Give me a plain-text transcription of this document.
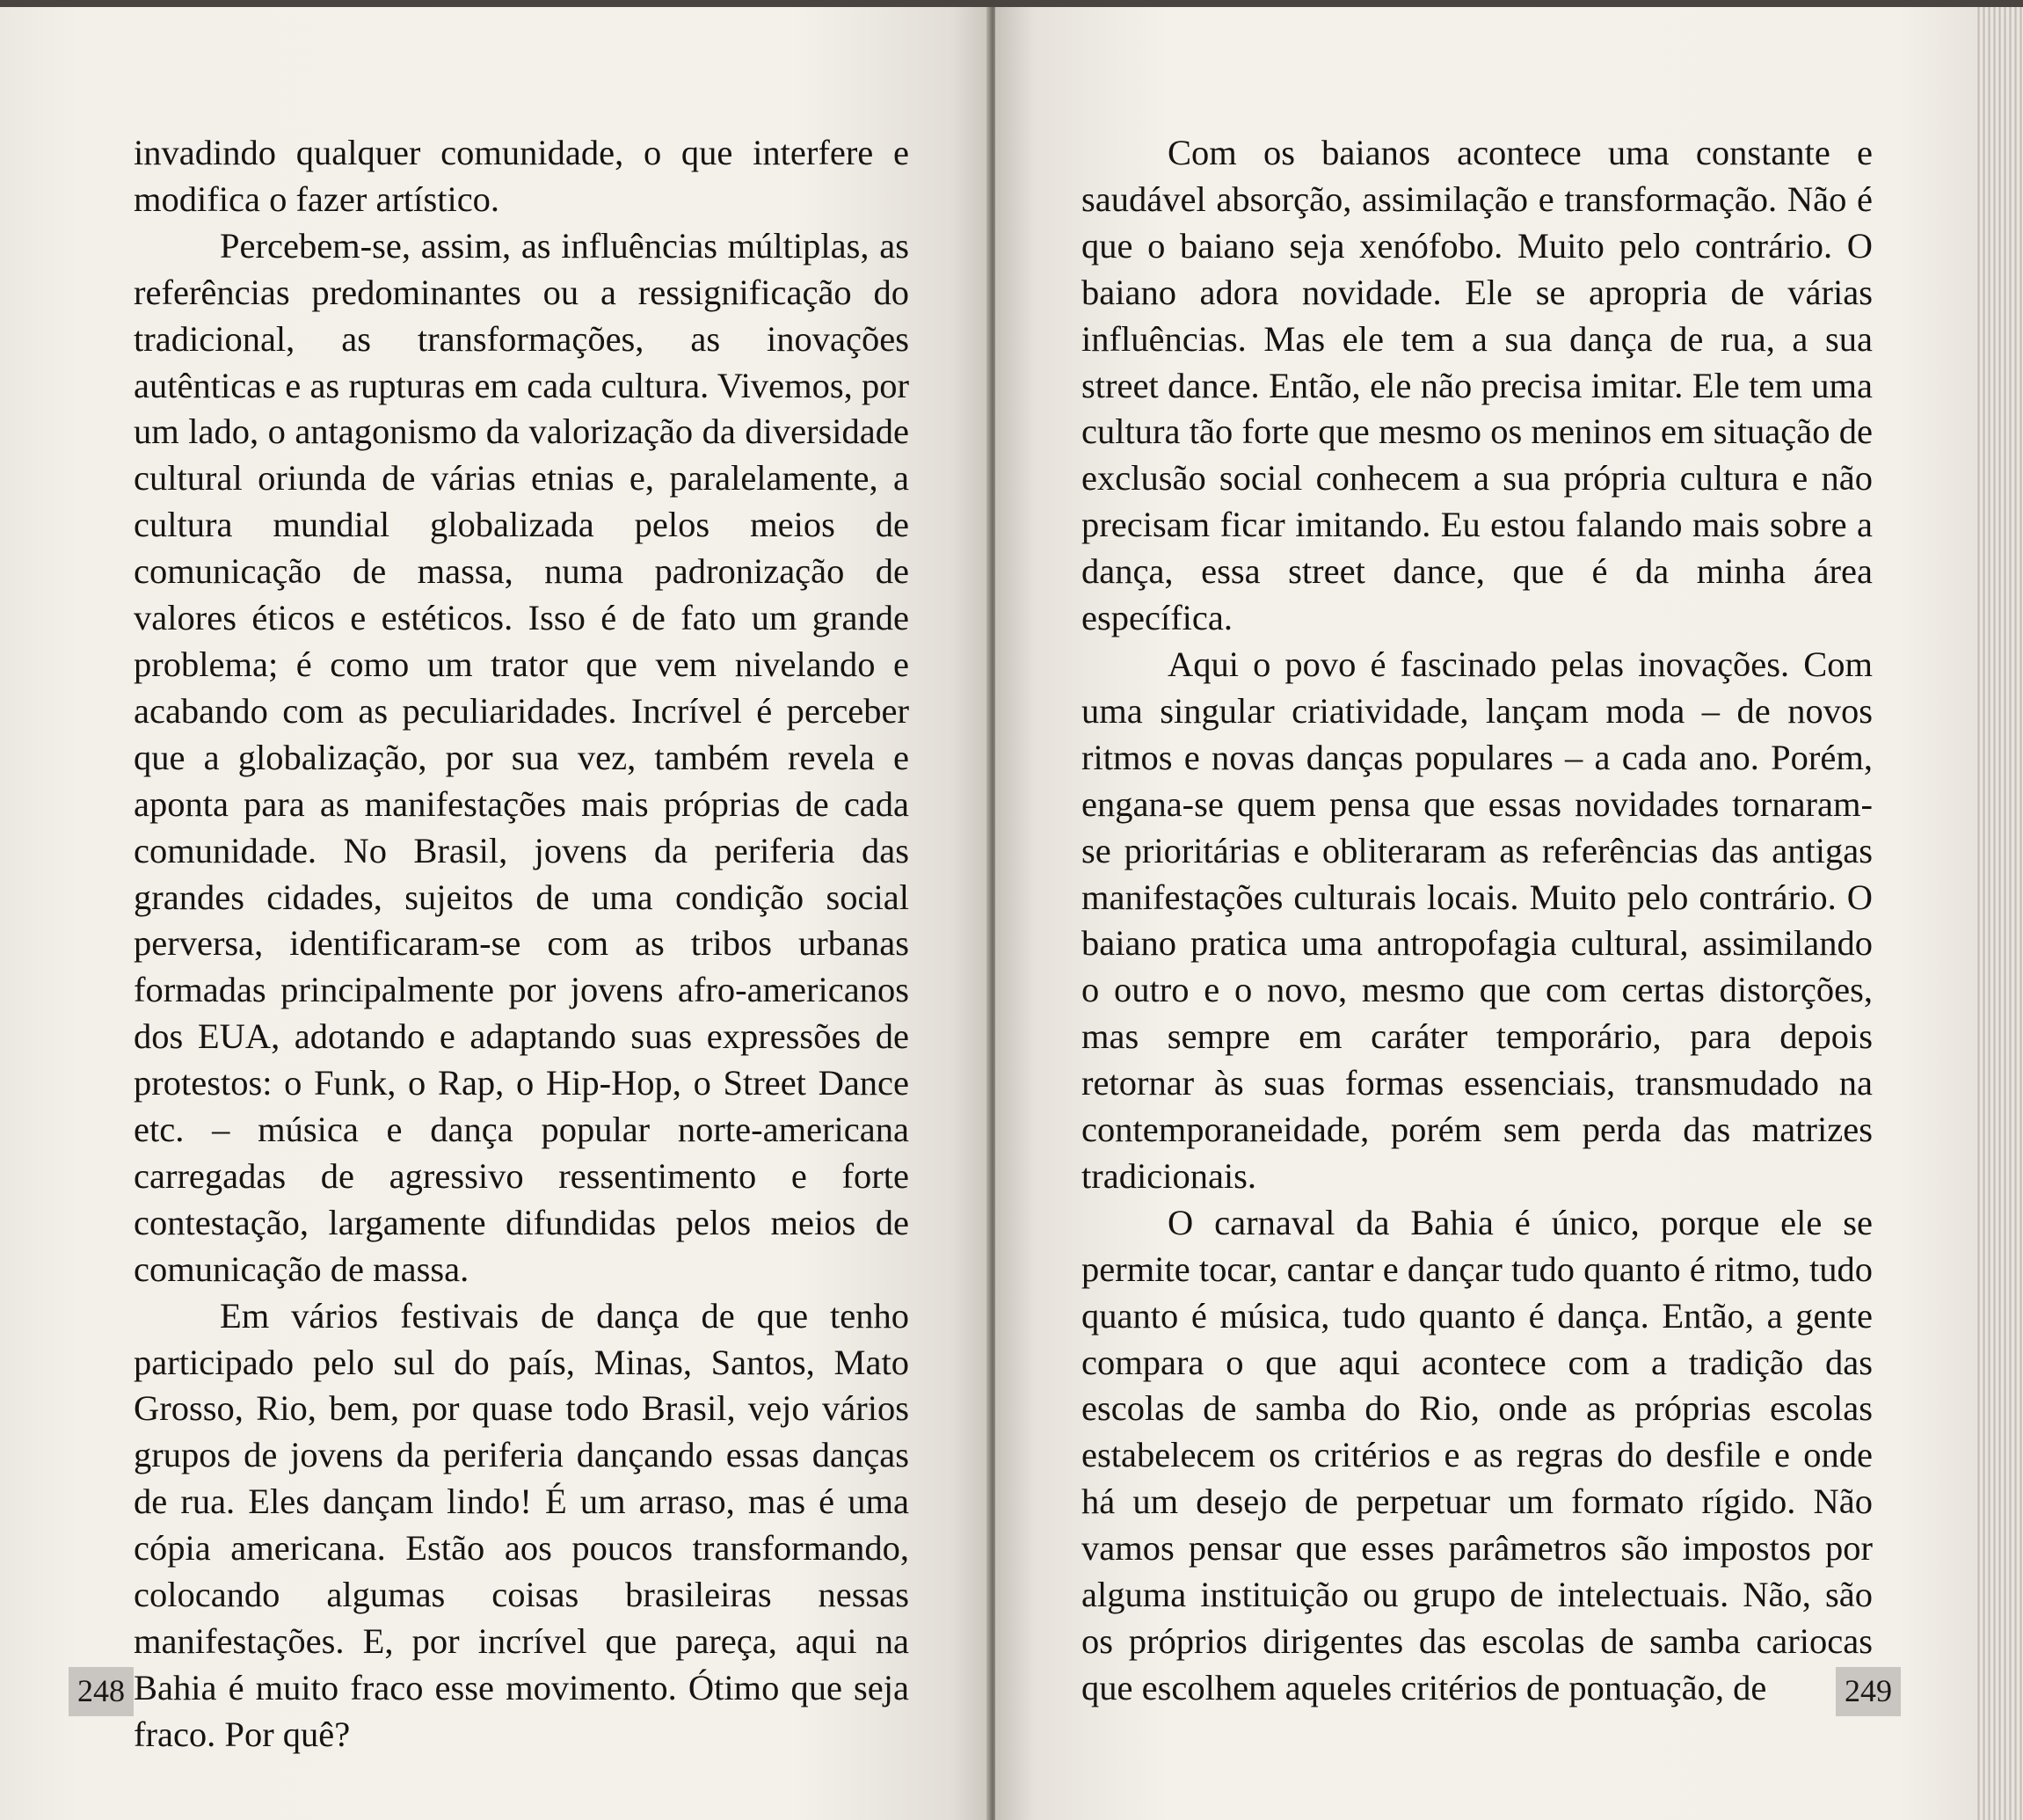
invadindo qualquer comunidade, o que interfere e modifica o fazer artístico.

Percebem-se, assim, as influências múltiplas, as referências predominantes ou a ressignificação do tradicional, as transformações, as inovações autênticas e as rupturas em cada cultura. Vivemos, por um lado, o antagonismo da valorização da diversidade cultural oriunda de várias etnias e, paralelamente, a cultura mundial globalizada pelos meios de comunicação de massa, numa padronização de valores éticos e estéticos. Isso é de fato um grande problema; é como um trator que vem nivelando e acabando com as peculiaridades. Incrível é perceber que a globalização, por sua vez, também revela e aponta para as manifestações mais próprias de cada comunidade. No Brasil, jovens da periferia das grandes cidades, sujeitos de uma condição social perversa, identificaram-se com as tribos urbanas formadas principalmente por jovens afro-americanos dos EUA, adotando e adaptando suas expressões de protestos: o Funk, o Rap, o Hip-Hop, o Street Dance etc. – música e dança popular norte-americana carregadas de agressivo ressentimento e forte contestação, largamente difundidas pelos meios de comunicação de massa.

Em vários festivais de dança de que tenho participado pelo sul do país, Minas, Santos, Mato Grosso, Rio, bem, por quase todo Brasil, vejo vários grupos de jovens da periferia dançando essas danças de rua. Eles dançam lindo! É um arraso, mas é uma cópia americana. Estão aos poucos transformando, colocando algumas coisas brasileiras nessas manifestações. E, por incrível que pareça, aqui na Bahia é muito fraco esse movimento. Ótimo que seja fraco. Por quê?

248

Com os baianos acontece uma constante e saudável absorção, assimilação e transformação. Não é que o baiano seja xenófobo. Muito pelo contrário. O baiano adora novidade. Ele se apropria de várias influências. Mas ele tem a sua dança de rua, a sua street dance. Então, ele não precisa imitar. Ele tem uma cultura tão forte que mesmo os meninos em situação de exclusão social conhecem a sua própria cultura e não precisam ficar imitando. Eu estou falando mais sobre a dança, essa street dance, que é da minha área específica.

Aqui o povo é fascinado pelas inovações. Com uma singular criatividade, lançam moda – de novos ritmos e novas danças populares – a cada ano. Porém, engana-se quem pensa que essas novidades tornaram-se prioritárias e obliteraram as referências das antigas manifestações culturais locais. Muito pelo contrário. O baiano pratica uma antropofagia cultural, assimilando o outro e o novo, mesmo que com certas distorções, mas sempre em caráter temporário, para depois retornar às suas formas essenciais, transmudado na contemporaneidade, porém sem perda das matrizes tradicionais.

O carnaval da Bahia é único, porque ele se permite tocar, cantar e dançar tudo quanto é ritmo, tudo quanto é música, tudo quanto é dança. Então, a gente compara o que aqui acontece com a tradição das escolas de samba do Rio, onde as próprias escolas estabelecem os critérios e as regras do desfile e onde há um desejo de perpetuar um formato rígido. Não vamos pensar que esses parâmetros são impostos por alguma instituição ou grupo de intelectuais. Não, são os próprios dirigentes das escolas de samba cariocas que escolhem aqueles critérios de pontuação, de	249
